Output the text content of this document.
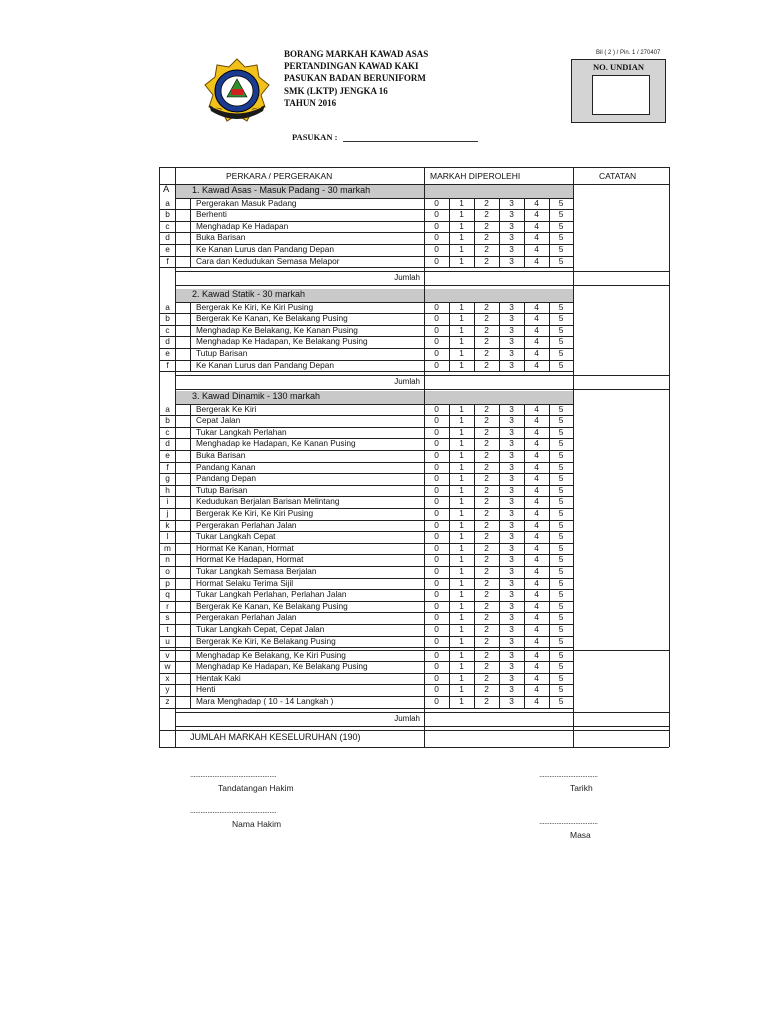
BORANG MARKAH KAWAD ASAS
PERTANDINGAN KAWAD KAKI
PASUKAN BADAN BERUNIFORM
SMK (LKTP) JENGKA 16
TAHUN 2016
Bil ( 2 ) / Pin. 1 / 270407
NO. UNDIAN
PASUKAN :
PERKARA / PERGERAKAN	MARKAH DIPEROLEHI	CATATAN
A	1. Kawad Asas - Masuk Padang - 30 markah
a	Pergerakan Masuk Padang	0	1	2	3	4	5
b	Berhenti	0	1	2	3	4	5
c	Menghadap Ke Hadapan	0	1	2	3	4	5
d	Buka Barisan	0	1	2	3	4	5
e	Ke Kanan Lurus dan Pandang Depan	0	1	2	3	4	5
f	Cara dan Kedudukan Semasa Melapor	0	1	2	3	4	5
Jumlah
2. Kawad Statik - 30 markah
a	Bergerak Ke Kiri, Ke Kiri Pusing	0	1	2	3	4	5
b	Bergerak Ke Kanan, Ke Belakang Pusing	0	1	2	3	4	5
c	Menghadap Ke Belakang, Ke Kanan Pusing	0	1	2	3	4	5
d	Menghadap Ke Hadapan, Ke Belakang Pusing	0	1	2	3	4	5
e	Tutup Barisan	0	1	2	3	4	5
f	Ke Kanan Lurus dan Pandang Depan	0	1	2	3	4	5
Jumlah
3. Kawad Dinamik - 130 markah
a	Bergerak Ke Kiri	0	1	2	3	4	5
b	Cepat Jalan	0	1	2	3	4	5
c	Tukar Langkah Perlahan	0	1	2	3	4	5
d	Menghadap ke Hadapan, Ke Kanan Pusing	0	1	2	3	4	5
e	Buka Barisan	0	1	2	3	4	5
f	Pandang Kanan	0	1	2	3	4	5
g	Pandang Depan	0	1	2	3	4	5
h	Tutup Barisan	0	1	2	3	4	5
i	Kedudukan Berjalan Barisan Melintang	0	1	2	3	4	5
j	Bergerak Ke Kiri, Ke Kiri Pusing	0	1	2	3	4	5
k	Pergerakan Perlahan Jalan	0	1	2	3	4	5
l	Tukar Langkah Cepat	0	1	2	3	4	5
m	Hormat Ke Kanan, Hormat	0	1	2	3	4	5
n	Hormat Ke Hadapan, Hormat	0	1	2	3	4	5
o	Tukar Langkah Semasa Berjalan	0	1	2	3	4	5
p	Hormat Selaku Terima Sijil	0	1	2	3	4	5
q	Tukar Langkah Perlahan, Perlahan Jalan	0	1	2	3	4	5
r	Bergerak Ke Kanan, Ke Belakang Pusing	0	1	2	3	4	5
s	Pergerakan Perlahan Jalan	0	1	2	3	4	5
t	Tukar Langkah Cepat, Cepat Jalan	0	1	2	3	4	5
u	Bergerak Ke Kiri, Ke Belakang Pusing	0	1	2	3	4	5
v	Menghadap Ke Belakang, Ke Kiri Pusing	0	1	2	3	4	5
w	Menghadap Ke Hadapan, Ke Belakang Pusing	0	1	2	3	4	5
x	Hentak Kaki	0	1	2	3	4	5
y	Henti	0	1	2	3	4	5
z	Mara Menghadap ( 10 - 14 Langkah )	0	1	2	3	4	5
Jumlah
JUMLAH MARKAH KESELURUHAN (190)
..................................................
Tandatangan Hakim
..................................................
Nama Hakim
..................................
Tarikh
..................................
Masa
